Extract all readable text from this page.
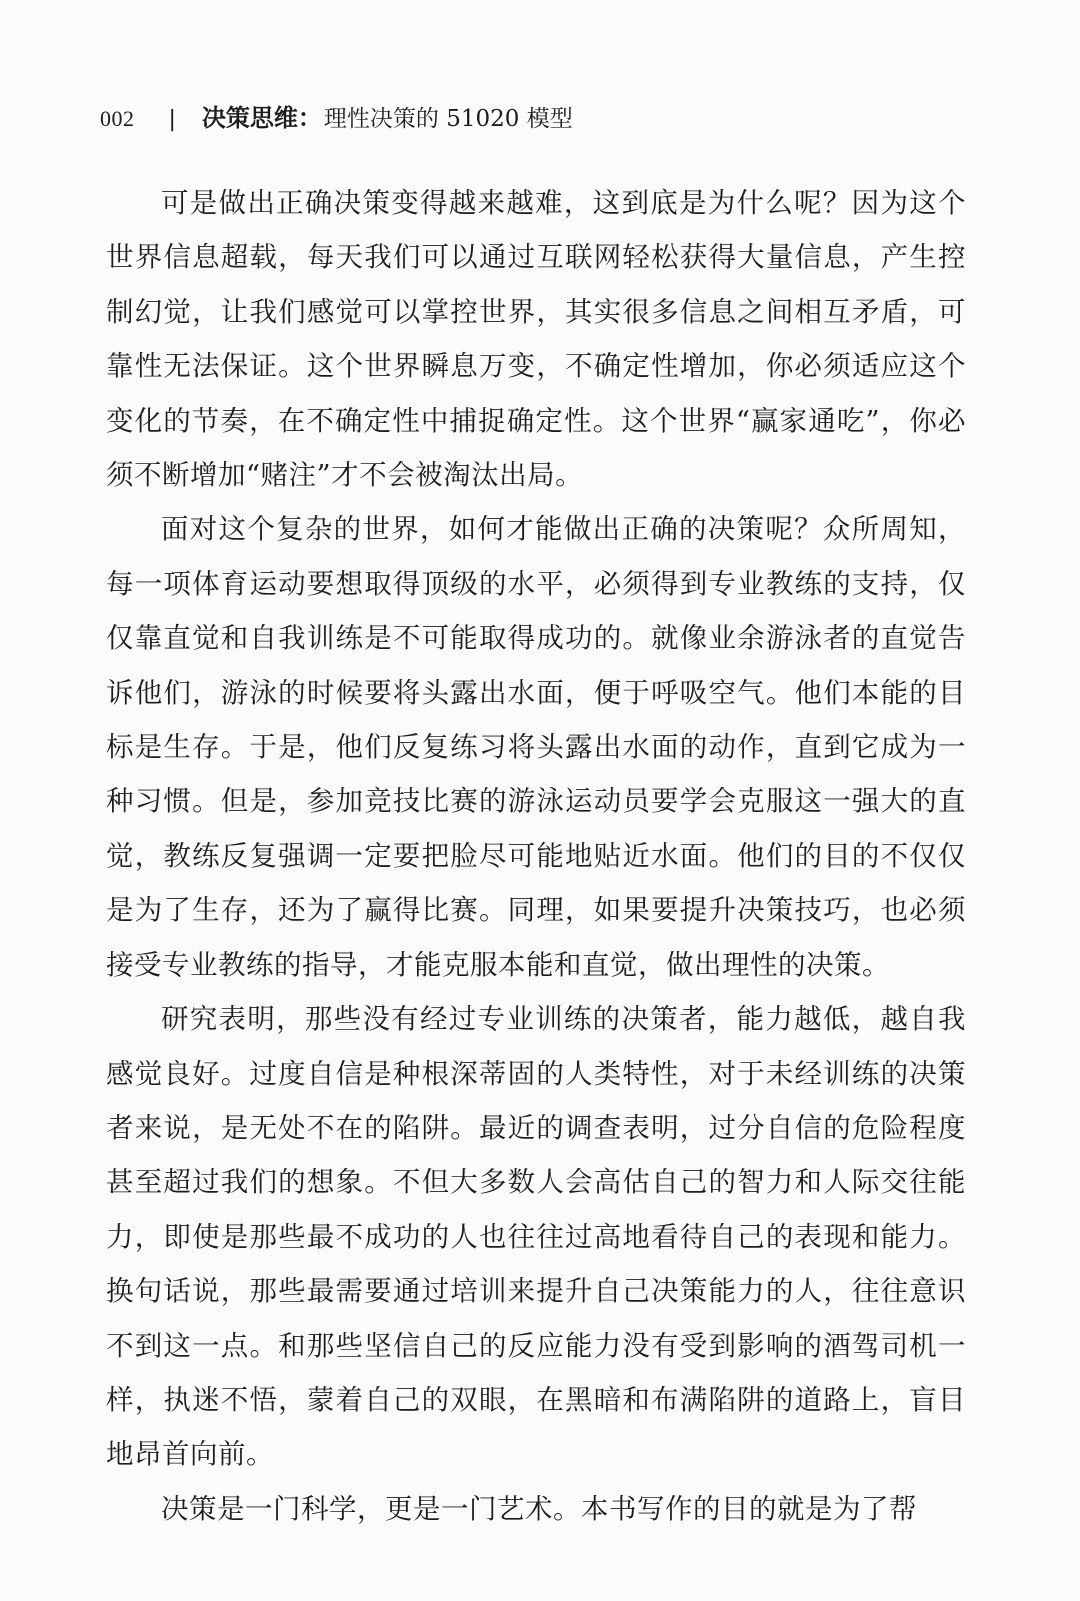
002 | 决策思维： 理性决策的 51020 模型

可是做出正确决策变得越来越难，这到底是为什么呢？因为这个世界信息超载，每天我们可以通过互联网轻松获得大量信息，产生控制幻觉，让我们感觉可以掌控世界，其实很多信息之间相互矛盾，可靠性无法保证。这个世界瞬息万变，不确定性增加，你必须适应这个变化的节奏，在不确定性中捕捉确定性。这个世界“赢家通吃”，你必须不断增加“赌注”才不会被淘汰出局。

面对这个复杂的世界，如何才能做出正确的决策呢？众所周知，每一项体育运动要想取得顶级的水平，必须得到专业教练的支持，仅仅靠直觉和自我训练是不可能取得成功的。就像业余游泳者的直觉告诉他们，游泳的时候要将头露出水面，便于呼吸空气。他们本能的目标是生存。于是，他们反复练习将头露出水面的动作，直到它成为一种习惯。但是，参加竞技比赛的游泳运动员要学会克服这一强大的直觉，教练反复强调一定要把脸尽可能地贴近水面。他们的目的不仅仅是为了生存，还为了赢得比赛。同理，如果要提升决策技巧，也必须接受专业教练的指导，才能克服本能和直觉，做出理性的决策。

研究表明，那些没有经过专业训练的决策者，能力越低，越自我感觉良好。过度自信是种根深蒂固的人类特性，对于未经训练的决策者来说，是无处不在的陷阱。最近的调查表明，过分自信的危险程度甚至超过我们的想象。不但大多数人会高估自己的智力和人际交往能力，即使是那些最不成功的人也往往过高地看待自己的表现和能力。换句话说，那些最需要通过培训来提升自己决策能力的人，往往意识不到这一点。和那些坚信自己的反应能力没有受到影响的酒驾司机一样，执迷不悟，蒙着自己的双眼，在黑暗和布满陷阱的道路上，盲目地昂首向前。

决策是一门科学，更是一门艺术。本书写作的目的就是为了帮
